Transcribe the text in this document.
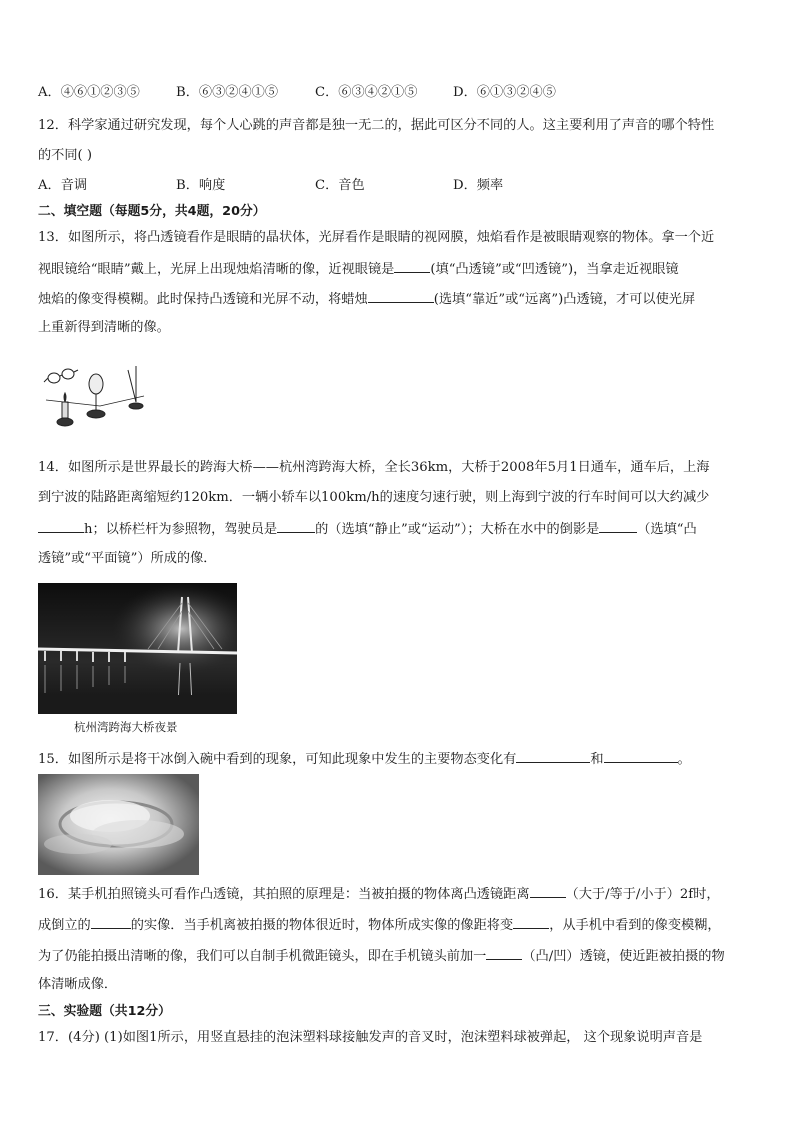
A．④⑥①②③⑤	B．⑥③②④①⑤	C．⑥③④②①⑤	D．⑥①③②④⑤
12．科学家通过研究发现，每个人心跳的声音都是独一无二的，据此可区分不同的人。这主要利用了声音的哪个特性
的不同( )
A．音调	B．响度	C．音色	D．频率
二、填空题（每题5分，共4题，20分）
13．如图所示，将凸透镜看作是眼睛的晶状体，光屏看作是眼睛的视网膜，烛焰看作是被眼睛观察的物体。拿一个近
视眼镜给“眼睛”戴上，光屏上出现烛焰清晰的像，近视眼镜是	(填“凸透镜”或“凹透镜”)，当拿走近视眼镜
烛焰的像变得模糊。此时保持凸透镜和光屏不动，将蜡烛	(选填“靠近”或“远离”)凸透镜，才可以使光屏
上重新得到清晰的像。
14．如图所示是世界最长的跨海大桥——杭州湾跨海大桥，全长36km，大桥于2008年5月1日通车，通车后，上海
到宁波的陆路距离缩短约120km．一辆小轿车以100km/h的速度匀速行驶，则上海到宁波的行车时间可以大约减少
h；以桥栏杆为参照物，驾驶员是	的（选填“静止”或“运动”）；大桥在水中的倒影是	（选填“凸
透镜”或“平面镜”）所成的像．
杭州湾跨海大桥夜景
15．如图所示是将干冰倒入碗中看到的现象，可知此现象中发生的主要物态变化有	和	。
16．某手机拍照镜头可看作凸透镜，其拍照的原理是：当被拍摄的物体离凸透镜距离	（大于/等于/小于）2f时，
成倒立的	的实像．当手机离被拍摄的物体很近时，物体所成实像的像距将变	，从手机中看到的像变模糊，
为了仍能拍摄出清晰的像，我们可以自制手机微距镜头，即在手机镜头前加一	（凸/凹）透镜，使近距被拍摄的物
体清晰成像．
三、实验题（共12分）
17．(4分) (1)如图1所示，用竖直悬挂的泡沫塑料球接触发声的音叉时，泡沫塑料球被弹起， 这个现象说明声音是
